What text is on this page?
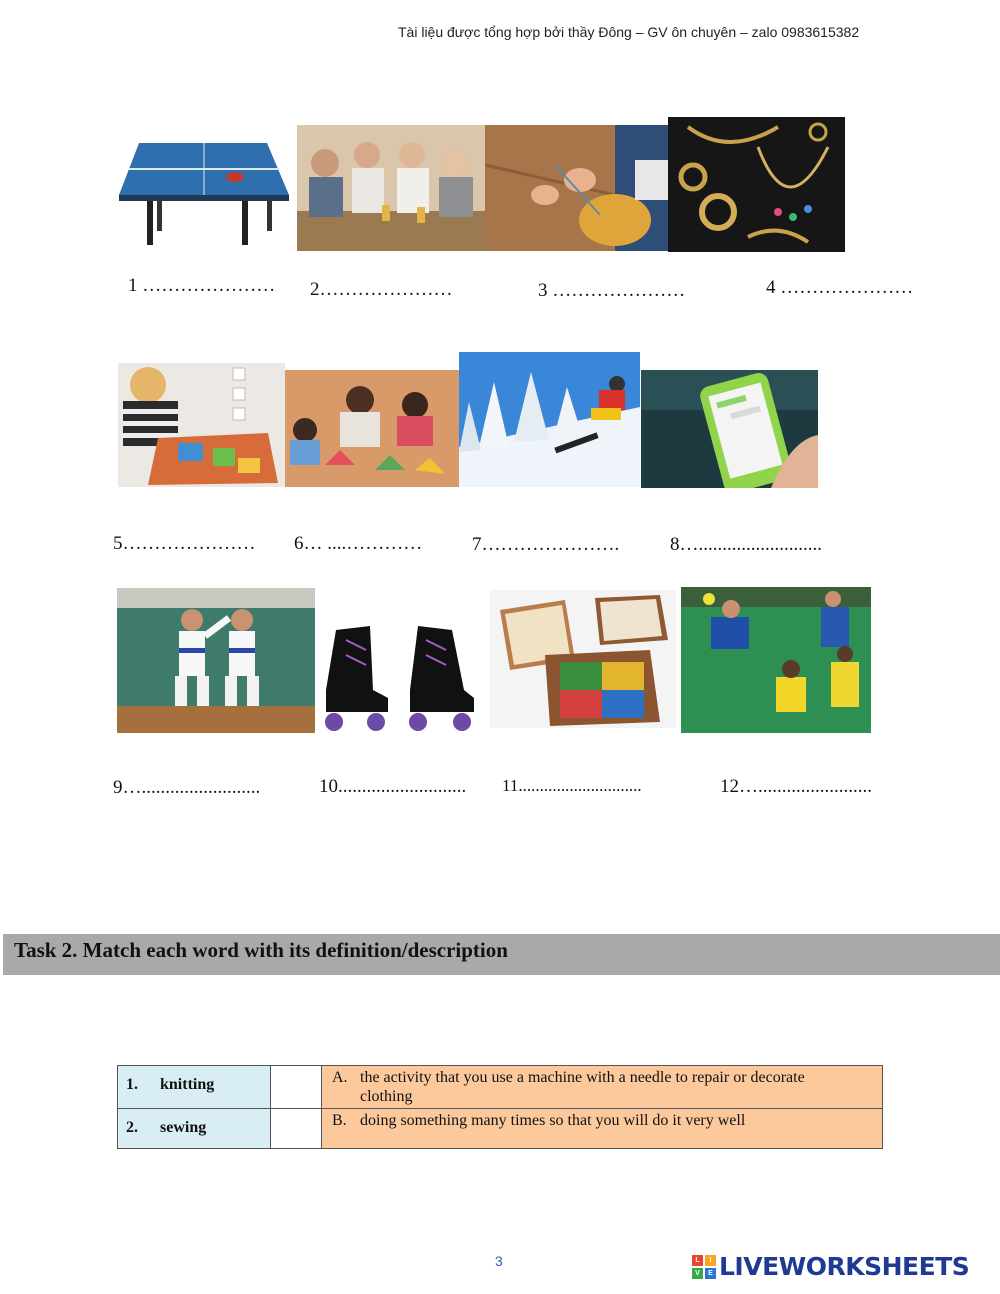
Tài liệu được tổng hợp bởi thầy Đông – GV ôn chuyên – zalo 0983615382
1 ………………… 2…………………	3 …………………	4 …………………
5………………… 6… ....…………	7………………….	8…..........................
9….........................	10........................... 11.............................	12…........................
Task 2. Match each word with its definition/description
1. knitting		A. the activity that you use a machine with a needle to repair or decorate
clothing

2. sewing		B. doing something many times so that you will do it very well
3	L	I
V	E LIVEWORKSHEETS
